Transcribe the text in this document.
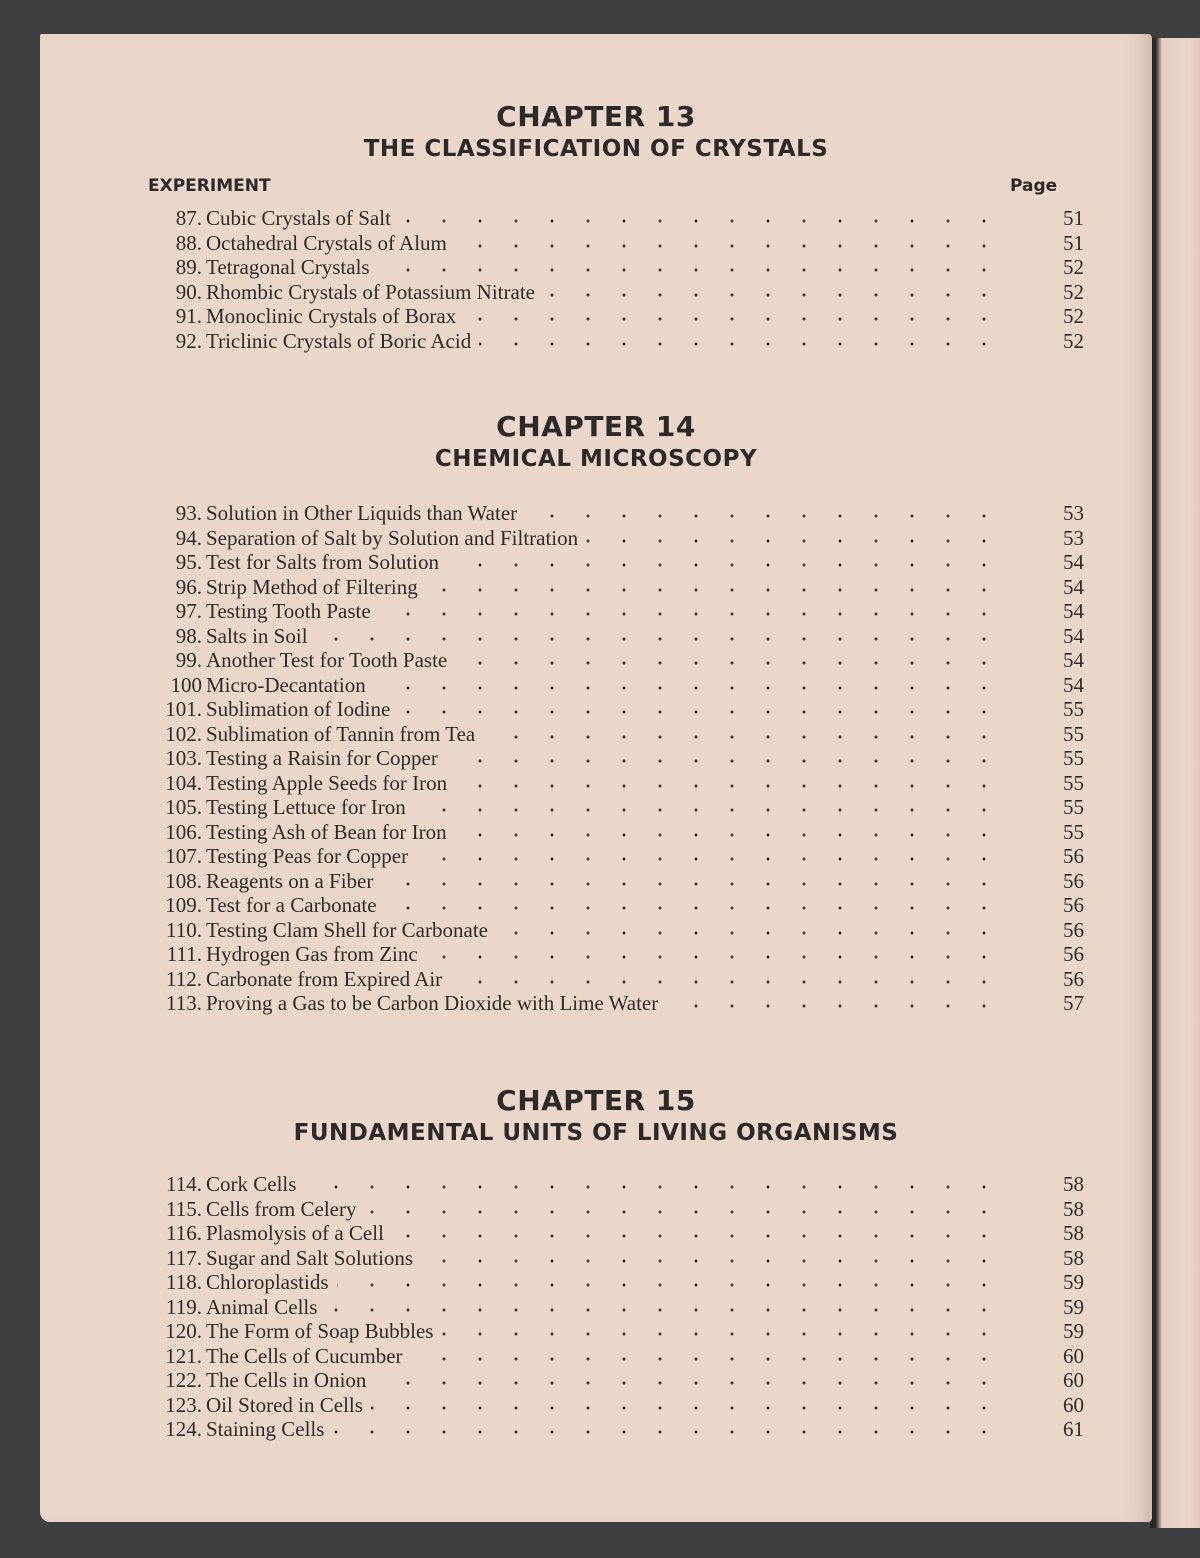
CHAPTER 13
THE CLASSIFICATION OF CRYSTALS
EXPERIMENT	Page
87. Cubic Crystals of Salt	51
88. Octahedral Crystals of Alum	51
89. Tetragonal Crystals	52
90. Rhombic Crystals of Potassium Nitrate	52
91. Monoclinic Crystals of Borax	52
92. Triclinic Crystals of Boric Acid	52
CHAPTER 14
CHEMICAL MICROSCOPY
93. Solution in Other Liquids than Water	53
94. Separation of Salt by Solution and Filtration	53
95. Test for Salts from Solution	54
96. Strip Method of Filtering	54
97. Testing Tooth Paste	54
98. Salts in Soil	54
99. Another Test for Tooth Paste	54
100 Micro-Decantation	54
101. Sublimation of Iodine	55
102. Sublimation of Tannin from Tea	55
103. Testing a Raisin for Copper	55
104. Testing Apple Seeds for Iron	55
105. Testing Lettuce for Iron	55
106. Testing Ash of Bean for Iron	55
107. Testing Peas for Copper	56
108. Reagents on a Fiber	56
109. Test for a Carbonate	56
110. Testing Clam Shell for Carbonate	56
111. Hydrogen Gas from Zinc	56
112. Carbonate from Expired Air	56
113. Proving a Gas to be Carbon Dioxide with Lime Water	57
CHAPTER 15
FUNDAMENTAL UNITS OF LIVING ORGANISMS
114. Cork Cells	58
115. Cells from Celery	58
116. Plasmolysis of a Cell	58
117. Sugar and Salt Solutions	58
118. Chloroplastids	59
119. Animal Cells	59
120. The Form of Soap Bubbles	59
121. The Cells of Cucumber	60
122. The Cells in Onion	60
123. Oil Stored in Cells	60
124. Staining Cells	61
